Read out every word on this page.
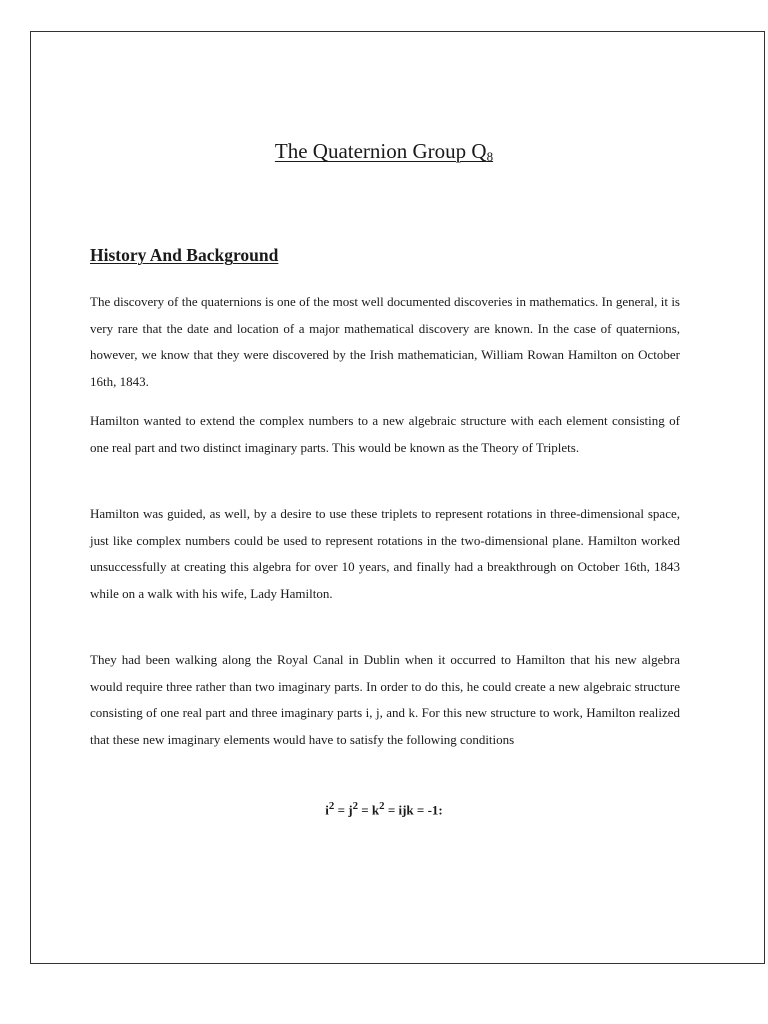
The Quaternion Group $Q_8$
History And Background

The discovery of the quaternions is one of the most well documented discoveries in mathematics. In general, it is very rare that the date and location of a major mathematical discovery are known. In the case of quaternions, however, we know that they were discovered by the Irish mathematician, William Rowan Hamilton on October 16th, 1843.

Hamilton wanted to extend the complex numbers to a new algebraic structure with each element consisting of one real part and two distinct imaginary parts. This would be known as the Theory of Triplets.

Hamilton was guided, as well, by a desire to use these triplets to represent rotations in three-dimensional space, just like complex numbers could be used to represent rotations in the two-dimensional plane. Hamilton worked unsuccessfully at creating this algebra for over 10 years, and finally had a breakthrough on October 16th, 1843 while on a walk with his wife, Lady Hamilton.

They had been walking along the Royal Canal in Dublin when it occurred to Hamilton that his new algebra would require three rather than two imaginary parts. In order to do this, he could create a new algebraic structure consisting of one real part and three imaginary parts i, j, and k. For this new structure to work, Hamilton realized that these new imaginary elements would have to satisfy the following conditions

$i^2 = j^2 = k^2$ = ijk = -1:
